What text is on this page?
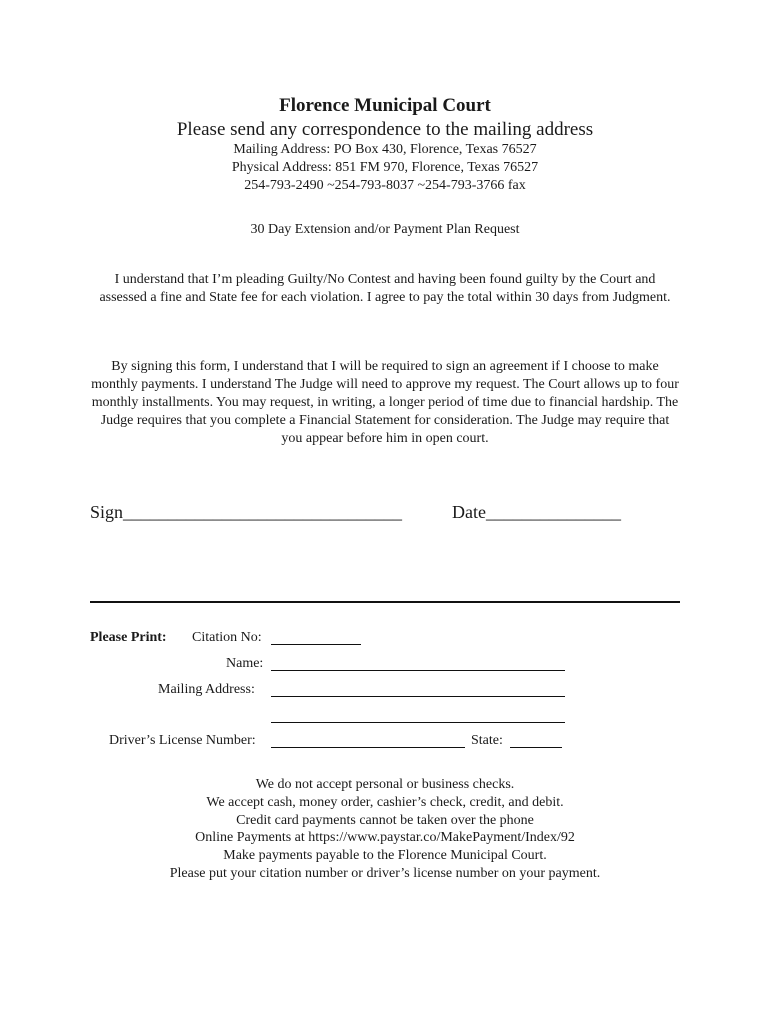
Florence Municipal Court
Please send any correspondence to the mailing address
Mailing Address: PO Box 430, Florence, Texas 76527
Physical Address: 851 FM 970, Florence, Texas 76527
254-793-2490 ~254-793-8037 ~254-793-3766 fax
30 Day Extension and/or Payment Plan Request
I understand that I’m pleading Guilty/No Contest and having been found guilty by the Court and assessed a fine and State fee for each violation. I agree to pay the total within 30 days from Judgment.
By signing this form, I understand that I will be required to sign an agreement if I choose to make monthly payments. I understand The Judge will need to approve my request. The Court allows up to four monthly installments. You may request, in writing, a longer period of time due to financial hardship. The Judge requires that you complete a Financial Statement for consideration. The Judge may require that you appear before him in open court.
Sign_______________________________	Date_______________
Please Print: Citation No:
Name:
Mailing Address:
Driver’s License Number:	State:
We do not accept personal or business checks.
We accept cash, money order, cashier’s check, credit, and debit.
Credit card payments cannot be taken over the phone
Online Payments at https://www.paystar.co/MakePayment/Index/92
Make payments payable to the Florence Municipal Court.
Please put your citation number or driver’s license number on your payment.
